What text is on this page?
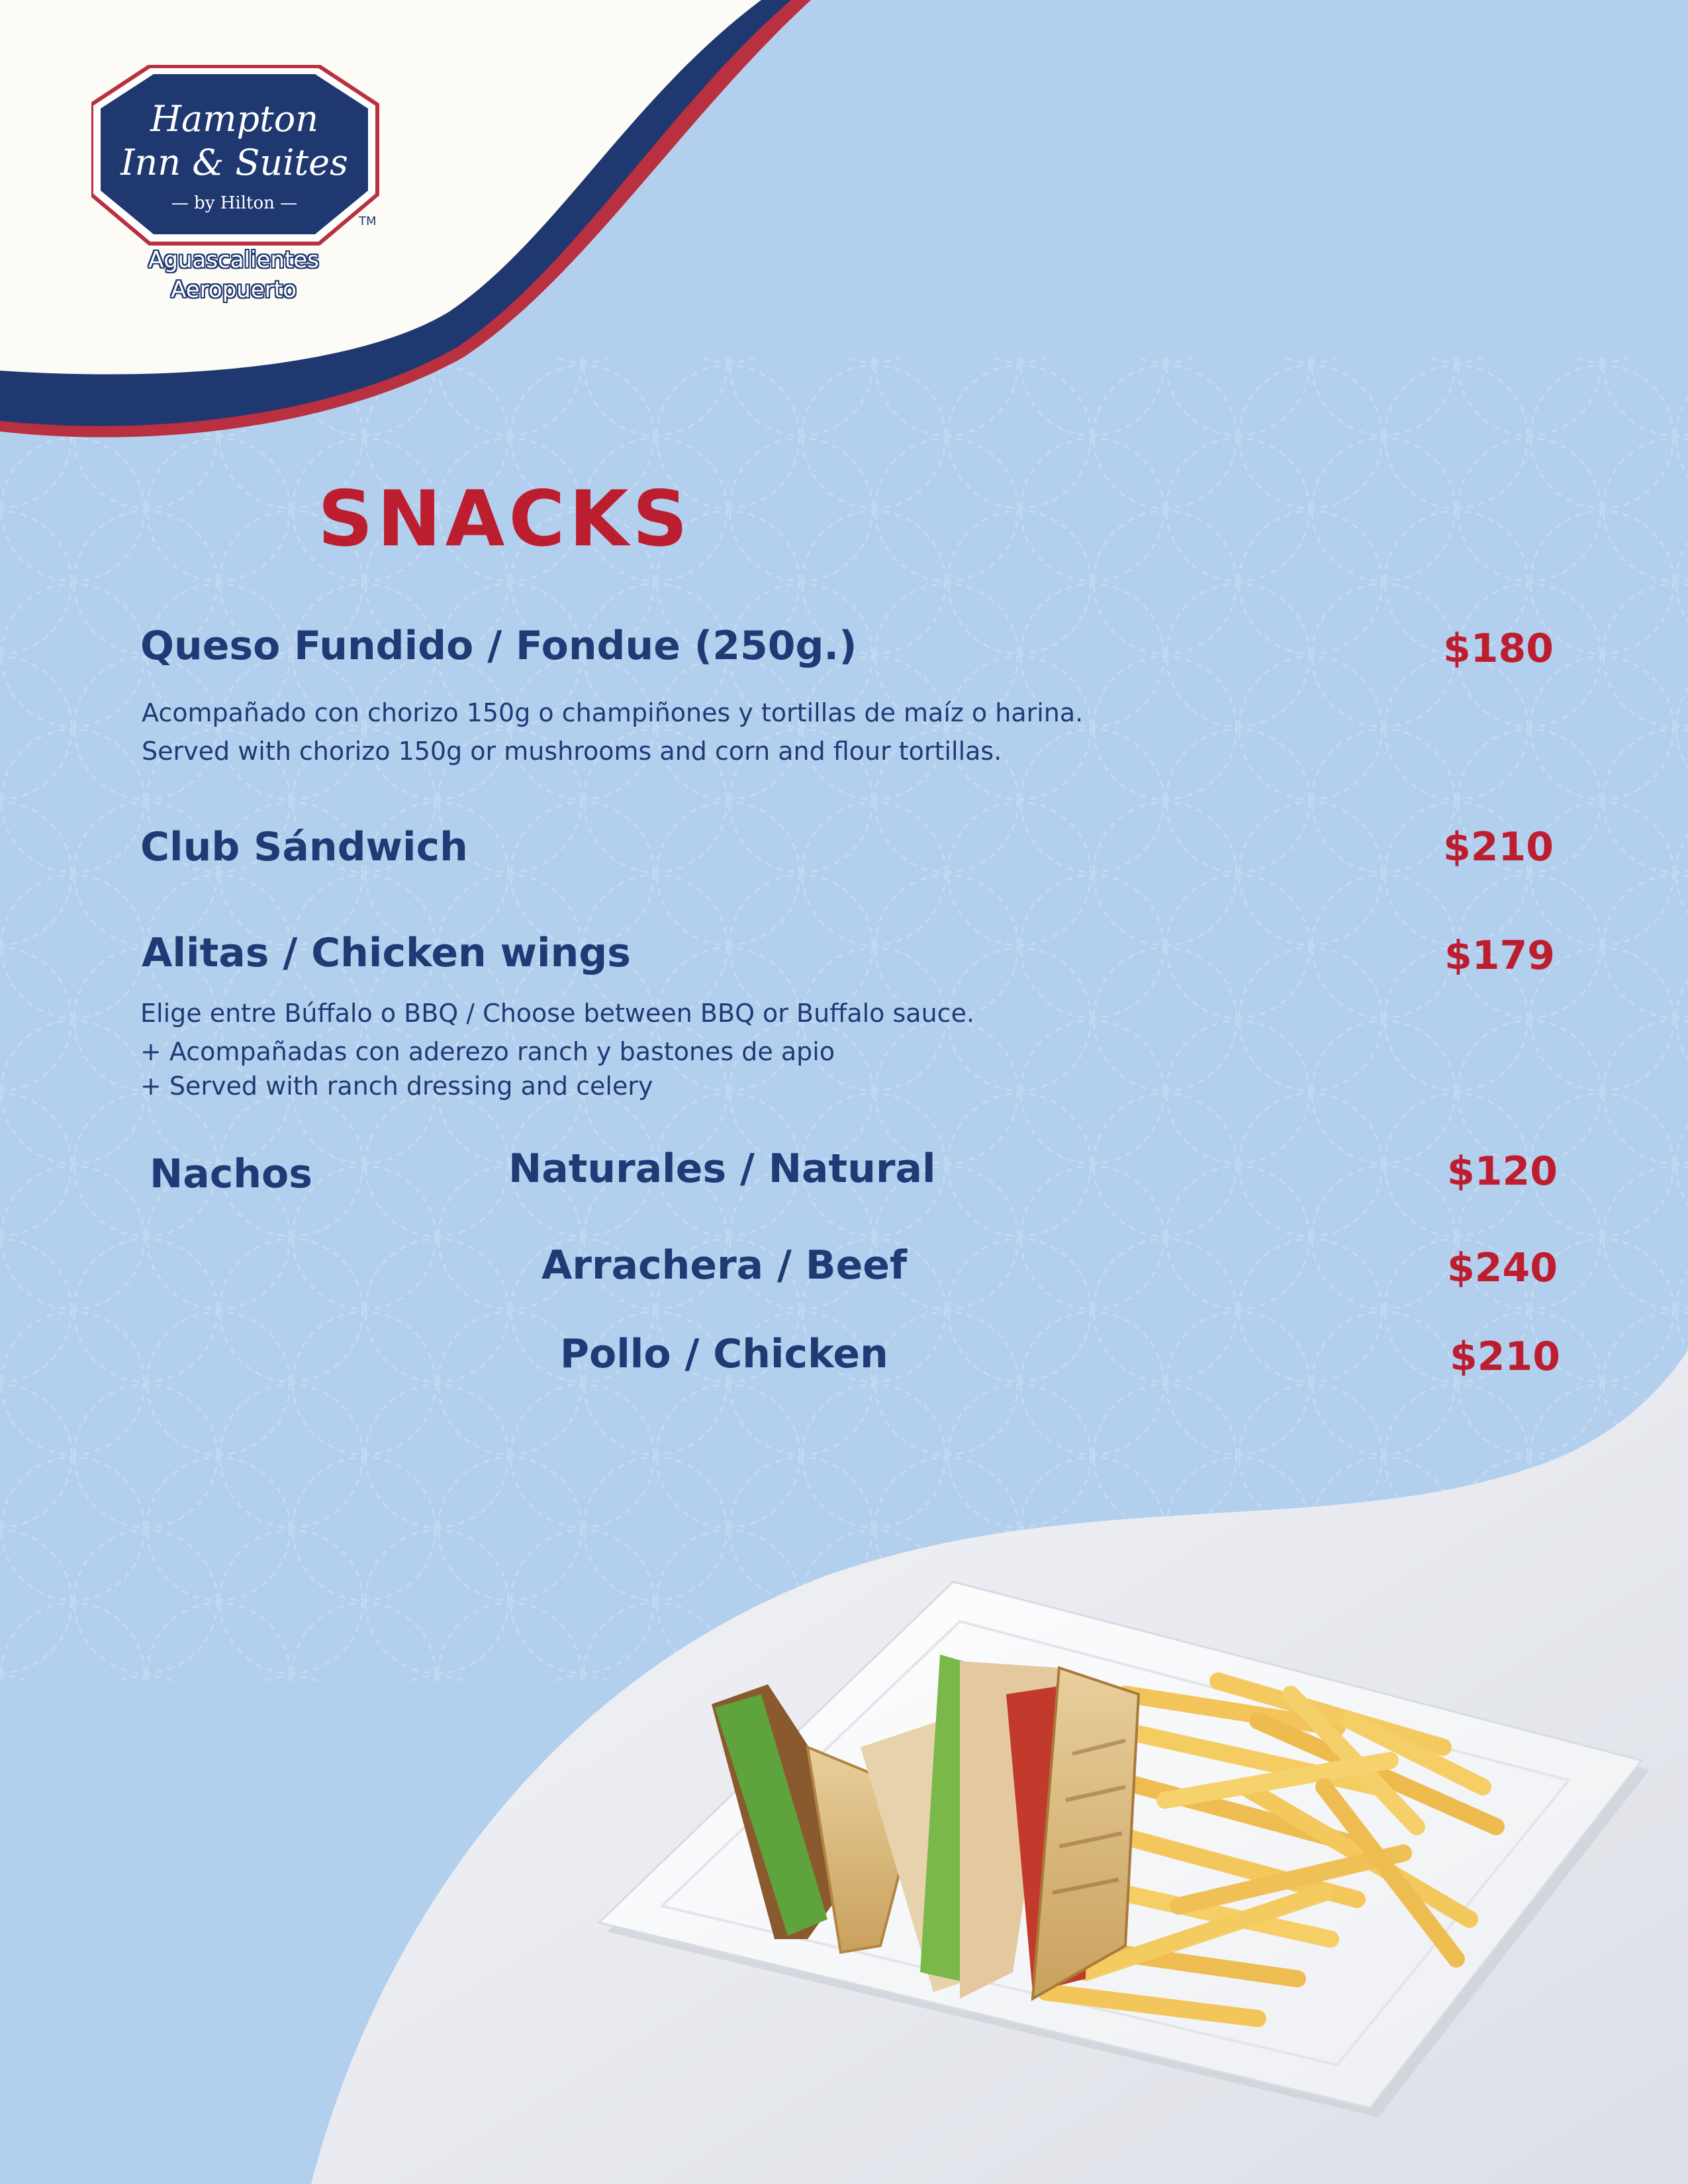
Hampton
Inn & Suites
— by Hilton —
TM
Aguascalientes
Aeropuerto
SNACKS
Queso Fundido / Fondue (250g.)	$180
Acompañado con chorizo 150g o champiñones y tortillas de maíz o harina.
Served with chorizo 150g or mushrooms and corn and flour tortillas.
Club Sándwich	$210
Alitas / Chicken wings	$179
Elige entre Búffalo o BBQ / Choose between BBQ or Buffalo sauce.
+ Acompañadas con aderezo ranch y bastones de apio
+ Served with ranch dressing and celery
Nachos	Naturales / Natural	$120
Arrachera / Beef	$240
Pollo / Chicken	$210
